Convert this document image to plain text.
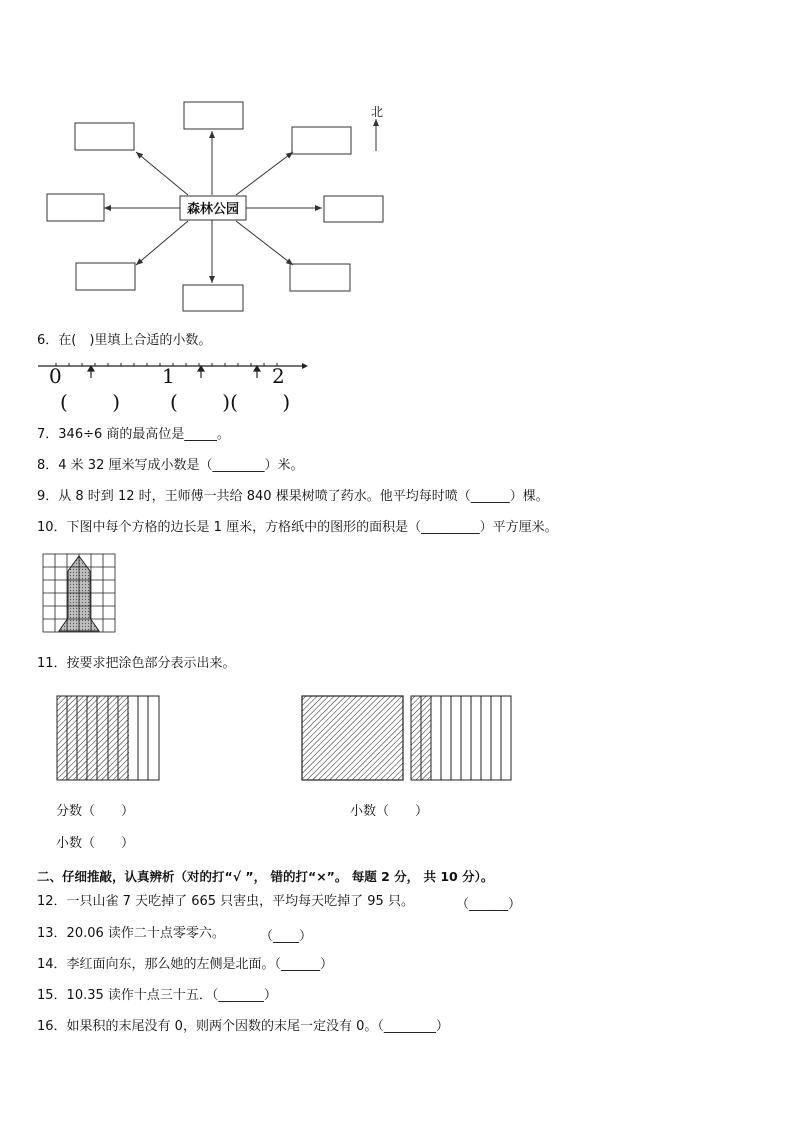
森林公园
北
6．在(　)里填上合适的小数。
0	1	2
(       ) (       )(       )
7．346÷6 商的最高位是_____。
8．4 米 32 厘米写成小数是（________）米。
9．从 8 时到 12 时，王师傅一共给 840 棵果树喷了药水。他平均每时喷（______）棵。
10．下图中每个方格的边长是 1 厘米，方格纸中的图形的面积是（_________）平方厘米。
11．按要求把涂色部分表示出来。
分数（　　）	小数（　　）
小数（　　）
二、仔细推敲，认真辨析（对的打“√ ”， 错的打“×”。 每题 2 分， 共 10 分）。
12．一只山雀 7 天吃掉了 665 只害虫，平均每天吃掉了 95 只。	（______）
13．20.06 读作二十点零零六。	（____）
14．李红面向东，那么她的左侧是北面。（______）
15．10.35 读作十点三十五．（_______）
16．如果积的末尾没有 0，则两个因数的末尾一定没有 0。（________）
